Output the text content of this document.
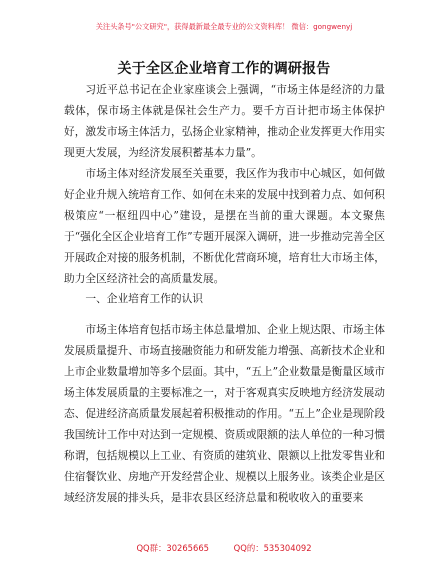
关注头条号"公文研究"，获得最新最全最专业的公文资料库！ 微信：gongwenyj
关于全区企业培育工作的调研报告

习近平总书记在企业家座谈会上强调，“市场主体是经济的力量载体，保市场主体就是保社会生产力。要千方百计把市场主体保护好，激发市场主体活力，弘扬企业家精神，推动企业发挥更大作用实现更大发展，为经济发展积蓄基本力量”。

市场主体对经济发展至关重要，我区作为我市中心城区，如何做好企业升规入统培育工作、如何在未来的发展中找到着力点、如何积极策应“一枢纽四中心”建设，是摆在当前的重大课题。本文聚焦于“强化全区企业培育工作”专题开展深入调研，进一步推动完善全区开展政企对接的服务机制，不断优化营商环境，培育壮大市场主体，助力全区经济社会的高质量发展。

一、企业培育工作的认识

市场主体培育包括市场主体总量增加、企业上规达限、市场主体发展质量提升、市场直接融资能力和研发能力增强、高新技术企业和上市企业数量增加等多个层面。其中，“五上”企业数量是衡量区域市场主体发展质量的主要标准之一，对于客观真实反映地方经济发展动态、促进经济高质量发展起着积极推动的作用。“五上”企业是现阶段我国统计工作中对达到一定规模、资质或限额的法人单位的一种习惯称谓，包括规模以上工业、有资质的建筑业、限额以上批发零售业和住宿餐饮业、房地产开发经营企业、规模以上服务业。该类企业是区域经济发展的排头兵，是非农县区经济总量和税收收入的重要来

QQ群：30265665	QQ的：535304092
